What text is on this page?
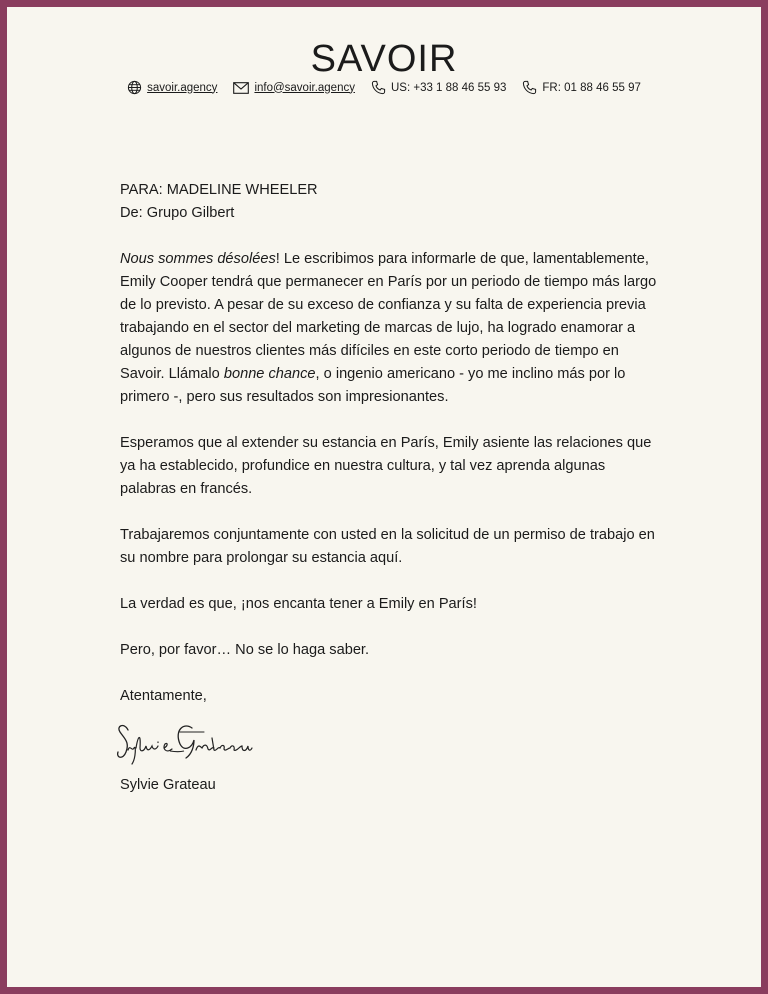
SAVOIR
savoir.agency	info@savoir.agency	US: +33 1 88 46 55 93	FR: 01 88 46 55 97

PARA: MADELINE WHEELER
De: Grupo Gilbert

Nous sommes désolées! Le escribimos para informarle de que, lamentablemente, Emily Cooper tendrá que permanecer en París por un periodo de tiempo más largo de lo previsto. A pesar de su exceso de confianza y su falta de experiencia previa trabajando en el sector del marketing de marcas de lujo, ha logrado enamorar a algunos de nuestros clientes más difíciles en este corto periodo de tiempo en Savoir. Llámalo bonne chance, o ingenio americano - yo me inclino más por lo primero -, pero sus resultados son impresionantes.

Esperamos que al extender su estancia en París, Emily asiente las relaciones que ya ha establecido, profundice en nuestra cultura, y tal vez aprenda algunas palabras en francés.

Trabajaremos conjuntamente con usted en la solicitud de un permiso de trabajo en su nombre para prolongar su estancia aquí.

La verdad es que, ¡nos encanta tener a Emily en París!

Pero, por favor… No se lo haga saber.

Atentamente,

Sylvie Grateau
